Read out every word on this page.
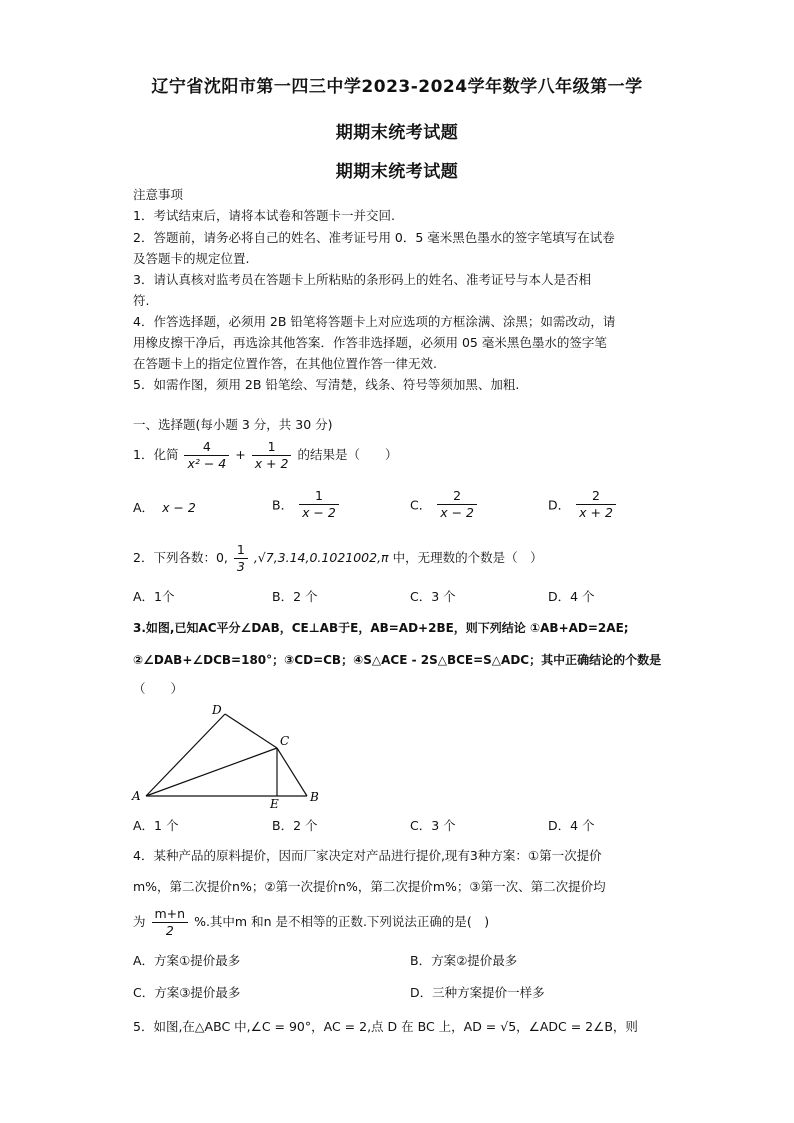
辽宁省沈阳市第一四三中学2023-2024学年数学八年级第一学
期期末统考试题
期期末统考试题
注意事项
1．考试结束后，请将本试卷和答题卡一并交回.
2．答题前，请务必将自己的姓名、准考证号用 0．5 毫米黑色墨水的签字笔填写在试卷
及答题卡的规定位置.
3．请认真核对监考员在答题卡上所粘贴的条形码上的姓名、准考证号与本人是否相
符.
4．作答选择题，必须用 2B 铅笔将答题卡上对应选项的方框涂满、涂黑；如需改动，请
用橡皮擦干净后，再选涂其他答案．作答非选择题，必须用 05 毫米黑色墨水的签字笔
在答题卡上的指定位置作答，在其他位置作答一律无效.
5．如需作图，须用 2B 铅笔绘、写清楚，线条、符号等须加黑、加粗.
一、选择题(每小题 3 分，共 30 分)
1．化简 $\frac{4}{\text{x² − 4}} + \frac{1}{x + 2}$ 的结果是（　　）
A． x − 2	B． $\frac{1}{x - 2}$	C． $\frac{2}{x - 2}$	D． $\frac{2}{x + 2}$
2．下列各数：0, $\frac{1}{3} ,√7,3.14,0.1021002,\pi$ 中，无理数的个数是（　）
A．1个	B．2 个	C．3 个	D．4 个
3.如图,已知AC平分∠DAB，CE⊥AB于E，AB=AD+2BE，则下列结论 ①AB+AD=2AE;
②∠DAB+∠DCB=180°；③CD=CB；④S△ACE - 2S△BCE=S△ADC；其中正确结论的个数是
（　　）
D
C
A
E	B
A．1 个	B．2 个	C．3 个	D．4 个
4．某种产品的原料提价，因而厂家决定对产品进行提价,现有3种方案：①第一次提价
m%，第二次提价n%；②第一次提价n%，第二次提价m%；③第一次、第二次提价均
为 $\frac{m+n}{2}$ %.其中m 和n 是不相等的正数.下列说法正确的是(　)
A．方案①提价最多	B．方案②提价最多
C．方案③提价最多	D．三种方案提价一样多
5．如图,在△ABC 中,∠C = 90°，AC = 2,点 D 在 BC 上，AD = √5，∠ADC = 2∠B，则
